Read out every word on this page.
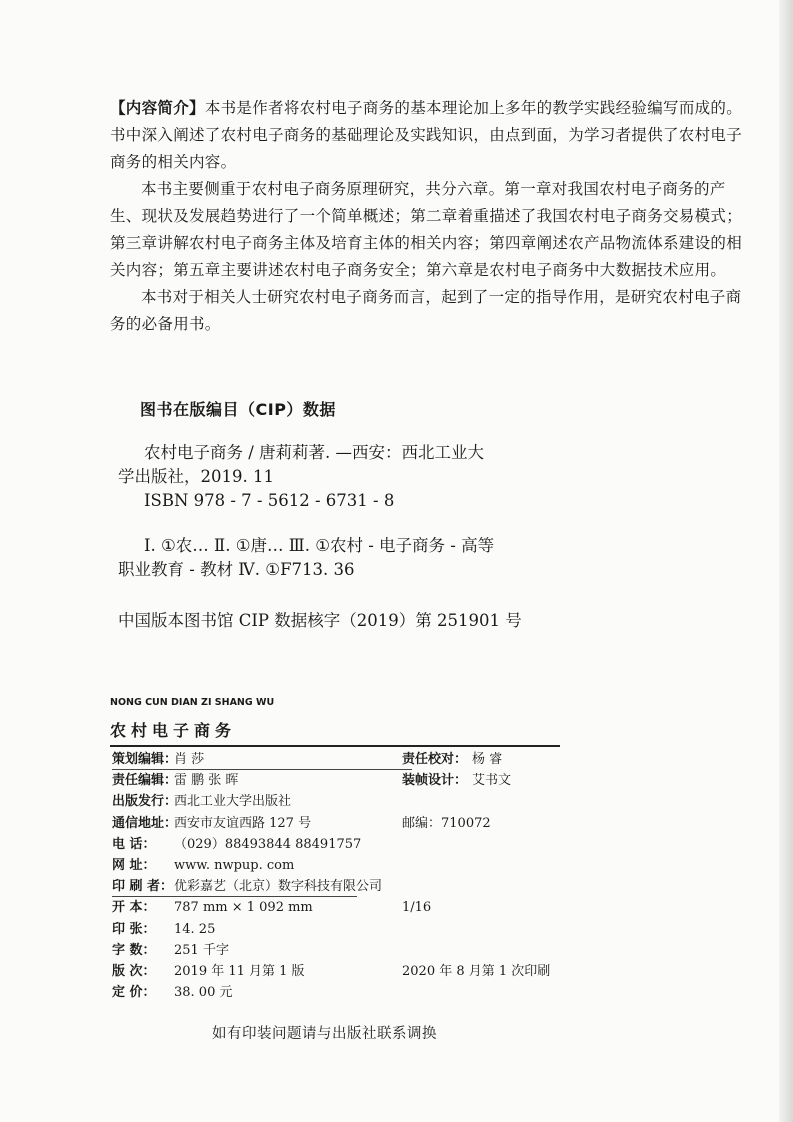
【内容简介】本书是作者将农村电子商务的基本理论加上多年的教学实践经验编写而成的。书中深入阐述了农村电子商务的基础理论及实践知识，由点到面，为学习者提供了农村电子商务的相关内容。

本书主要侧重于农村电子商务原理研究，共分六章。第一章对我国农村电子商务的产生、现状及发展趋势进行了一个简单概述；第二章着重描述了我国农村电子商务交易模式；第三章讲解农村电子商务主体及培育主体的相关内容；第四章阐述农产品物流体系建设的相关内容；第五章主要讲述农村电子商务安全；第六章是农村电子商务中大数据技术应用。

本书对于相关人士研究农村电子商务而言，起到了一定的指导作用，是研究农村电子商务的必备用书。

图书在版编目（CIP）数据

农村电子商务 / 唐莉莉著. —西安：西北工业大

学出版社，2019. 11

ISBN 978 - 7 - 5612 - 6731 - 8

Ⅰ. ①农… Ⅱ. ①唐… Ⅲ. ①农村 - 电子商务 - 高等

职业教育 - 教材 Ⅳ. ①F713. 36

中国版本图书馆 CIP 数据核字（2019）第 251901 号

NONG CUN DIAN ZI SHANG WU
农村电子商务
策划编辑：
肖 莎	责任校对： 杨 睿
责任编辑：
雷 鹏 张 晖	装帧设计： 艾书文
出版发行：
西北工业大学出版社
通信地址：
西安市友谊西路 127 号	邮编：710072
电 话： （029）88493844 88491757
网 址： www. nwpup. com
印 刷 者： 优彩嘉艺（北京）数字科技有限公司
开 本： 787 mm × 1 092 mm	1/16
印 张： 14. 25
字 数： 251 千字
版 次： 2019 年 11 月第 1 版	2020 年 8 月第 1 次印刷
定 价： 38. 00 元
如有印装问题请与出版社联系调换
